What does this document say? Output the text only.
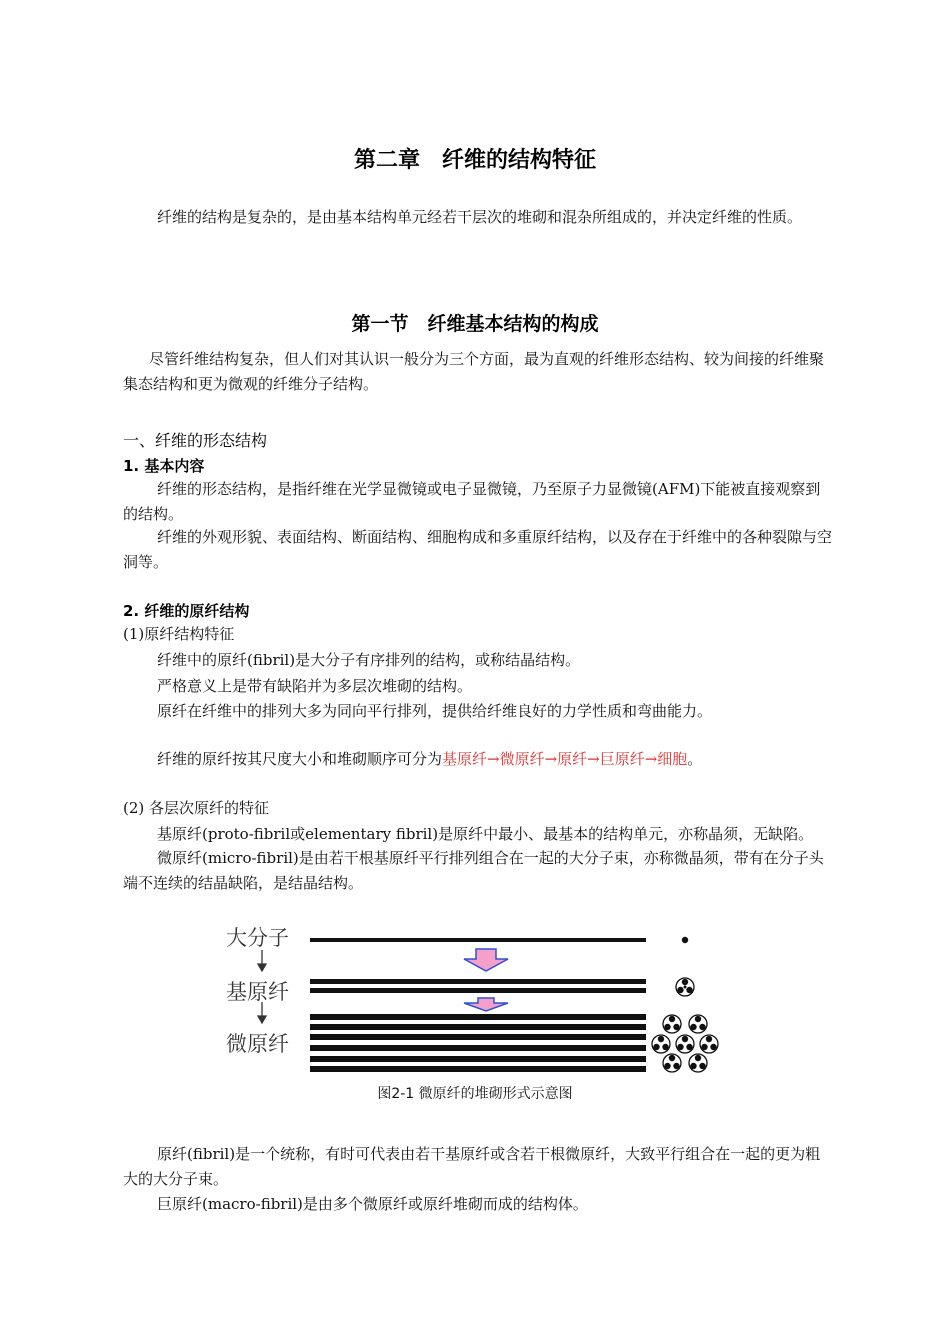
第二章　纤维的结构特征
纤维的结构是复杂的，是由基本结构单元经若干层次的堆砌和混杂所组成的，并决定纤维的性质。
第一节　纤维基本结构的构成
尽管纤维结构复杂，但人们对其认识一般分为三个方面，最为直观的纤维形态结构、较为间接的纤维聚集态结构和更为微观的纤维分子结构。
一、纤维的形态结构
1. 基本内容
纤维的形态结构，是指纤维在光学显微镜或电子显微镜，乃至原子力显微镜(AFM)下能被直接观察到的结构。
纤维的外观形貌、表面结构、断面结构、细胞构成和多重原纤结构，以及存在于纤维中的各种裂隙与空洞等。
2. 纤维的原纤结构
(1)原纤结构特征
纤维中的原纤(fibril)是大分子有序排列的结构，或称结晶结构。
严格意义上是带有缺陷并为多层次堆砌的结构。
原纤在纤维中的排列大多为同向平行排列，提供给纤维良好的力学性质和弯曲能力。
纤维的原纤按其尺度大小和堆砌顺序可分为基原纤→微原纤→原纤→巨原纤→细胞。
(2) 各层次原纤的特征
基原纤(proto-fibril或elementary fibril)是原纤中最小、最基本的结构单元，亦称晶须，无缺陷。
微原纤(micro-fibril)是由若干根基原纤平行排列组合在一起的大分子束，亦称微晶须，带有在分子头端不连续的结晶缺陷，是结晶结构。
大分子
基原纤
微原纤
图2-1 微原纤的堆砌形式示意图
原纤(fibril)是一个统称，有时可代表由若干基原纤或含若干根微原纤，大致平行组合在一起的更为粗大的大分子束。
巨原纤(macro-fibril)是由多个微原纤或原纤堆砌而成的结构体。
